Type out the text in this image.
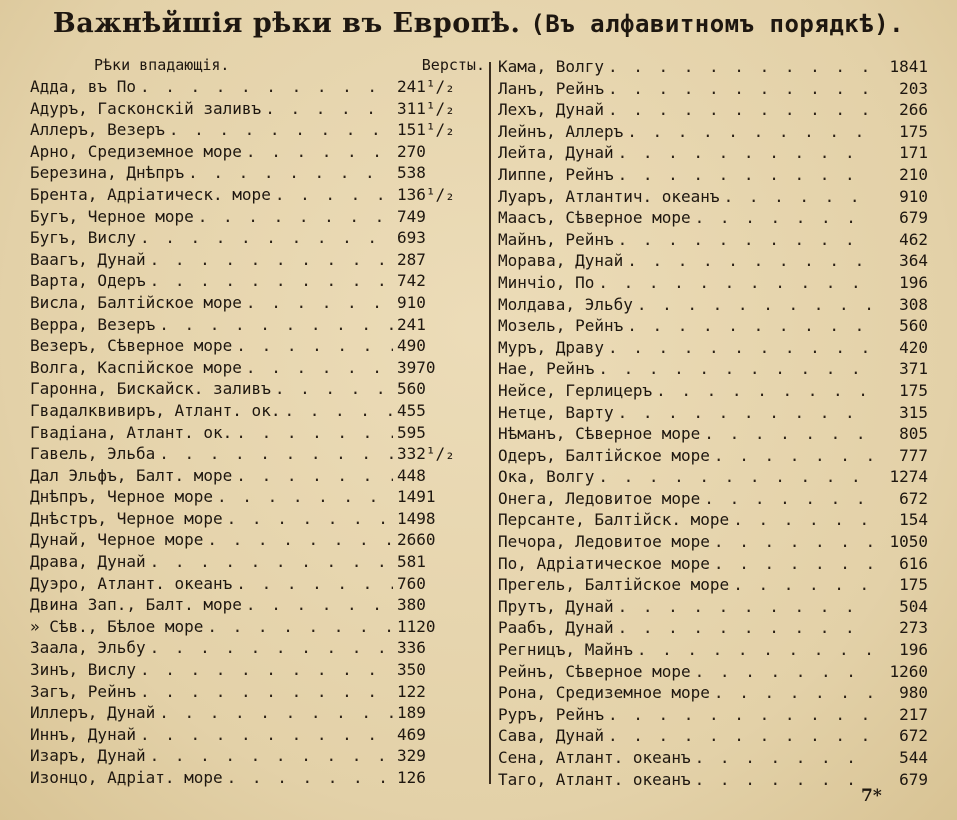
Важнѣйшія рѣки въ Европѣ. (Въ алфавитномъ порядкѣ).
Рѣки впадающія.	Версты.
Адда, въ По . . .	241¹/₂
Адуръ, Гасконскій заливъ . . .	311¹/₂
Аллеръ, Везеръ . . .	151¹/₂
Арно, Средиземное море . . .	270
Березина, Днѣпръ . . .	538
Брента, Адріатическ. море . . .	136¹/₂
Бугъ, Черное море . . .	749
Бугъ, Вислу . . .	693
Ваагъ, Дунай . . .	287
Варта, Одеръ . . .	742
Висла, Балтійское море . . .	910
Верра, Везеръ . . .	241
Везеръ, Сѣверное море . . .	490
Волга, Каспійское море . . .	3970
Гаронна, Бискайск. заливъ . . .	560
Гвадалквивиръ, Атлант. ок. . . .	455
Гвадіана, Атлант. ок. . . .	595
Гавель, Эльба . . .	332¹/₂
Дал Эльфъ, Балт. море . . .	448
Днѣпръ, Черное море . . .	1491
Днѣстръ, Черное море . . .	1498
Дунай, Черное море . . .	2660
Драва, Дунай . . .	581
Дуэро, Атлант. океанъ . . .	760
Двина Зап., Балт. море . . .	380
» Сѣв., Бѣлое море . . .	1120
Заала, Эльбу . . .	336
Зинъ, Вислу . . .	350
Загъ, Рейнъ . . .	122
Иллеръ, Дунай . . .	189
Иннъ, Дунай . . .	469
Изаръ, Дунай . . .	329
Изонцо, Адріат. море . . .	126
Кама, Волгу . . .	1841
Ланъ, Рейнъ . . .	203
Лехъ, Дунай . . .	266
Лейнъ, Аллеръ . . .	175
Лейта, Дунай . . .	171
Липпе, Рейнъ . . .	210
Луаръ, Атлантич. океанъ . . .	910
Маасъ, Сѣверное море . . .	679
Майнъ, Рейнъ . . .	462
Морава, Дунай . . .	364
Минчіо, По . . .	196
Молдава, Эльбу . . .	308
Мозель, Рейнъ . . .	560
Муръ, Драву . . .	420
Нае, Рейнъ . . .	371
Нейсе, Герлицеръ . . .	175
Нетце, Варту . . .	315
Нѣманъ, Сѣверное море . . .	805
Одеръ, Балтійское море . . .	777
Ока, Волгу . . .	1274
Онега, Ледовитое море . . .	672
Персанте, Балтійск. море . . .	154
Печора, Ледовитое море . . .	1050
По, Адріатическое море . . .	616
Прегель, Балтійское море . . .	175
Прутъ, Дунай . . .	504
Раабъ, Дунай . . .	273
Регницъ, Майнъ . . .	196
Рейнъ, Сѣверное море . . .	1260
Рона, Средиземное море . . .	980
Руръ, Рейнъ . . .	217
Сава, Дунай . . .	672
Сена, Атлант. океанъ . . .	544
Таго, Атлант. океанъ . . .	679
7*
